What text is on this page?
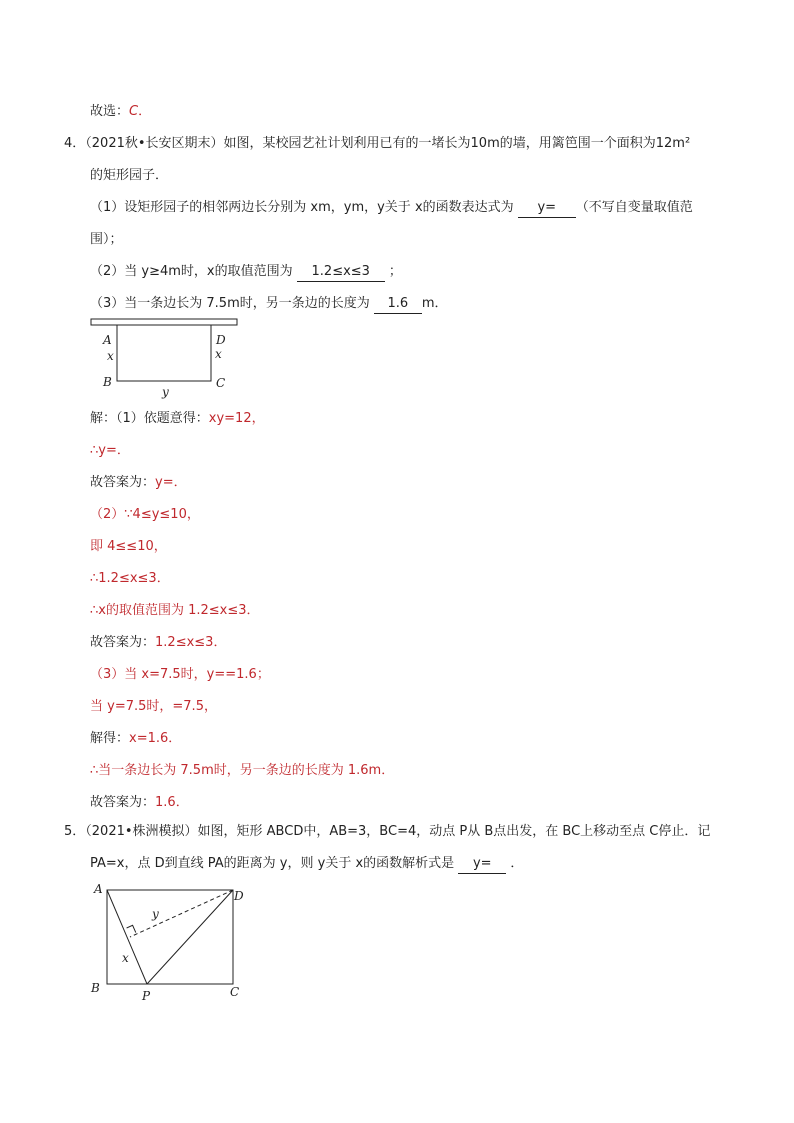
故选：C．
4．（2021秋•长安区期末）如图，某校园艺社计划利用已有的一堵长为10m的墙，用篱笆围一个面积为12m²
的矩形园子．
（1）设矩形园子的相邻两边长分别为 xm，ym，y关于 x的函数表达式为 y= （不写自变量取值范
围）；
（2）当 y≥4m时，x的取值范围为 1.2≤x≤3 ；
（3）当一条边长为 7.5m时，另一条边的长度为 1.6 m．
A	D
x	x
B	C
y
解：（1）依题意得：xy=12，
∴y=．
故答案为：y=．
（2）∵4≤y≤10，
即 4≤≤10，
∴1.2≤x≤3．
∴x的取值范围为 1.2≤x≤3．
故答案为：1.2≤x≤3．
（3）当 x=7.5时，y==1.6；
当 y=7.5时，=7.5，
解得：x=1.6．
∴当一条边长为 7.5m时，另一条边的长度为 1.6m．
故答案为：1.6．
5．（2021•株洲模拟）如图，矩形 ABCD中，AB=3，BC=4，动点 P从 B点出发，在 BC上移动至点 C停止．记
PA=x，点 D到直线 PA的距离为 y，则 y关于 x的函数解析式是 y= ．
A	D
y
x
B
P	C
